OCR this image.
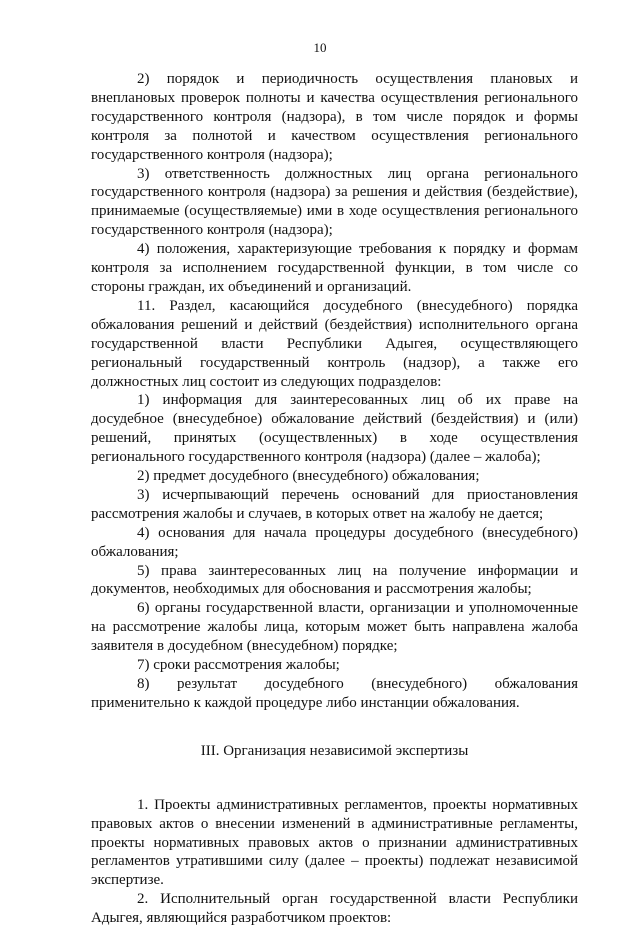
10

2) порядок и периодичность осуществления плановых и внеплановых проверок полноты и качества осуществления регионального государственного контроля (надзора), в том числе порядок и формы контроля за полнотой и качеством осуществления регионального государственного контроля (надзора);

3) ответственность должностных лиц органа регионального государственного контроля (надзора) за решения и действия (бездействие), принимаемые (осуществляемые) ими в ходе осуществления регионального государственного контроля (надзора);

4) положения, характеризующие требования к порядку и формам контроля за исполнением государственной функции, в том числе со стороны граждан, их объединений и организаций.

11. Раздел, касающийся досудебного (внесудебного) порядка обжалования решений и действий (бездействия) исполнительного органа государственной власти Республики Адыгея, осуществляющего региональный государственный контроль (надзор), а также его должностных лиц состоит из следующих подразделов:

1) информация для заинтересованных лиц об их праве на досудебное (внесудебное) обжалование действий (бездействия) и (или) решений, принятых (осуществленных) в ходе осуществления регионального государственного контроля (надзора) (далее – жалоба);

2) предмет досудебного (внесудебного) обжалования;

3) исчерпывающий перечень оснований для приостановления рассмотрения жалобы и случаев, в которых ответ на жалобу не дается;

4) основания для начала процедуры досудебного (внесудебного) обжалования;

5) права заинтересованных лиц на получение информации и документов, необходимых для обоснования и рассмотрения жалобы;

6) органы государственной власти, организации и уполномоченные на рассмотрение жалобы лица, которым может быть направлена жалоба заявителя в досудебном (внесудебном) порядке;

7) сроки рассмотрения жалобы;

8) результат досудебного (внесудебного) обжалования применительно к каждой процедуре либо инстанции обжалования.

III. Организация независимой экспертизы

1. Проекты административных регламентов, проекты нормативных правовых актов о внесении изменений в административные регламенты, проекты нормативных правовых актов о признании административных регламентов утратившими силу (далее – проекты) подлежат независимой экспертизе.

2. Исполнительный орган государственной власти Республики Адыгея, являющийся разработчиком проектов:
